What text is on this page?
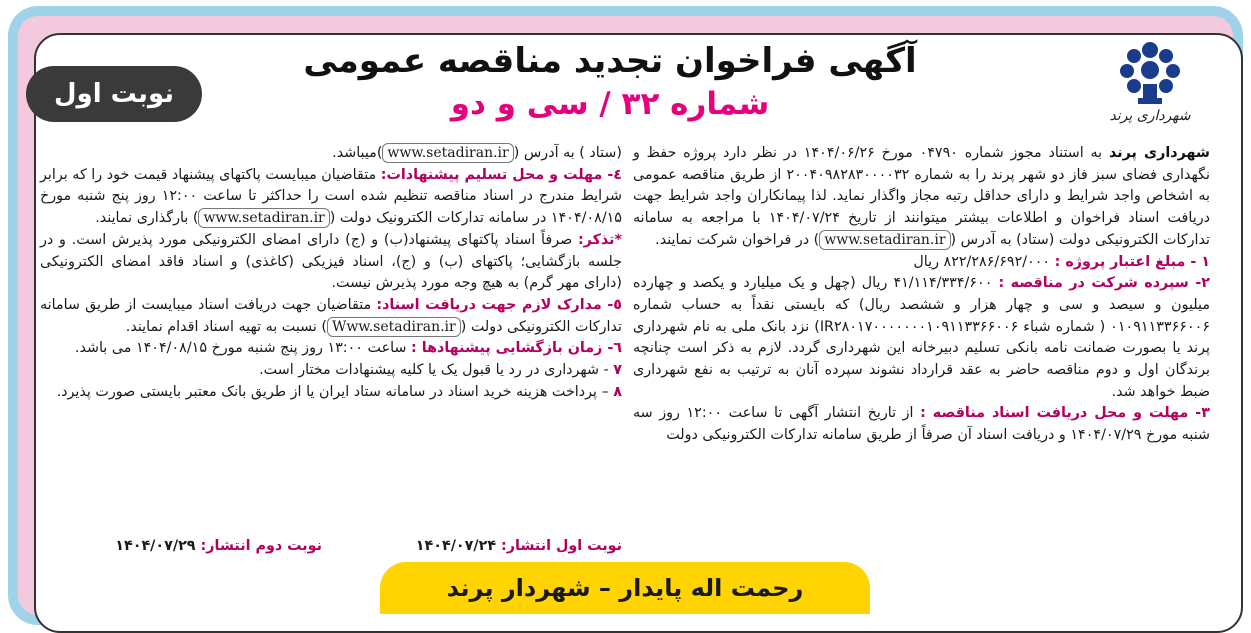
نوبت اول
آگهی فراخوان تجدید مناقصه عمومی
شماره ۳۲ / سی و دو	شهرداری پرند

شهرداری پرند به استناد مجوز شماره ۰۴۷۹۰ مورخ ۱۴۰۴/۰۶/۲۶ در نظر دارد پروژه حفظ و نگهداری فضای سبز فاز دو شهر پرند را به شماره ۲۰۰۴۰۹۸۲۸۳۰۰۰۰۳۲ از طریق مناقصه عمومی به اشخاص واجد شرایط و دارای حداقل رتبه مجاز واگذار نماید. لذا پیمانکاران واجد شرایط جهت دریافت اسناد فراخوان و اطلاعات بیشتر میتوانند از تاریخ ۱۴۰۴/۰۷/۲۴ با مراجعه به سامانه تدارکات الکترونیکی دولت (ستاد) به آدرس (www.setadiran.ir) در فراخوان شرکت نمایند.

۱ - مبلغ اعتبار پروژه : ۸۲۲/۲۸۶/۶۹۲/۰۰۰ ریال

۲- سپرده شرکت در مناقصه : ۴۱/۱۱۴/۳۳۴/۶۰۰ ریال (چهل و یک میلیارد و یکصد و چهارده میلیون و سیصد و سی و چهار هزار و ششصد ریال) که بایستی نقداً به حساب شماره ۰۱۰۹۱۱۳۳۶۶۰۰۶ ( شماره شباء IR۲۸۰۱۷۰۰۰۰۰۰۰۱۰۹۱۱۳۳۶۶۰۰۶) نزد بانک ملی به نام شهرداری پرند یا بصورت ضمانت نامه بانکی تسلیم دبیرخانه این شهرداری گردد. لازم به ذکر است چنانچه برندگان اول و دوم مناقصه حاضر به عقد قرارداد نشوند سپرده آنان به ترتیب به نفع شهرداری ضبط خواهد شد.

۳- مهلت و محل دریافت اسناد مناقصه : از تاریخ انتشار آگهی تا ساعت ۱۲:۰۰ روز سه شنبه مورخ ۱۴۰۴/۰۷/۲۹ و دریافت اسناد آن صرفاً از طریق سامانه تدارکات الکترونیکی دولت

(ستاد ) به آدرس (www.setadiran.ir)میباشد.

٤- مهلت و محل تسلیم پیشنهادات: متقاضیان میبایست پاکتهای پیشنهاد قیمت خود را که برابر شرایط مندرج در اسناد مناقصه تنظیم شده است را حداکثر تا ساعت ۱۲:۰۰ روز پنج شنبه مورخ ۱۴۰۴/۰۸/۱۵ در سامانه تدارکات الکترونیک دولت (www.setadiran.ir) بارگذاری نمایند.

*تذکر: صرفاً اسناد پاکتهای پیشنهاد(ب) و (ج) دارای امضای الکترونیکی مورد پذیرش است. و در جلسه بازگشایی؛ پاکتهای (ب) و (ج)، اسناد فیزیکی (کاغذی) و اسناد فاقد امضای الکترونیکی (دارای مهر گرم) به هیچ وجه مورد پذیرش نیست.

٥- مدارک لازم جهت دریافت اسناد: متقاضیان جهت دریافت اسناد میبایست از طریق سامانه تدارکات الکترونیکی دولت (Www.setadiran.ir) نسبت به تهیه اسناد اقدام نمایند.

٦- زمان بازگشایی پیشنهادها : ساعت ۱۳:۰۰ روز پنج شنبه مورخ ۱۴۰۴/۰۸/۱۵ می باشد.

۷ - شهرداری در رد یا قبول یک یا کلیه پیشنهادات مختار است.

۸ – پرداخت هزینه خرید اسناد در سامانه ستاد ایران یا از طریق بانک معتبر بایستی صورت پذیرد.

نوبت اول انتشار: ۱۴۰۴/۰۷/۲۴
نوبت دوم انتشار: ۱۴۰۴/۰۷/۲۹
رحمت اله پایدار – شهردار پرند
